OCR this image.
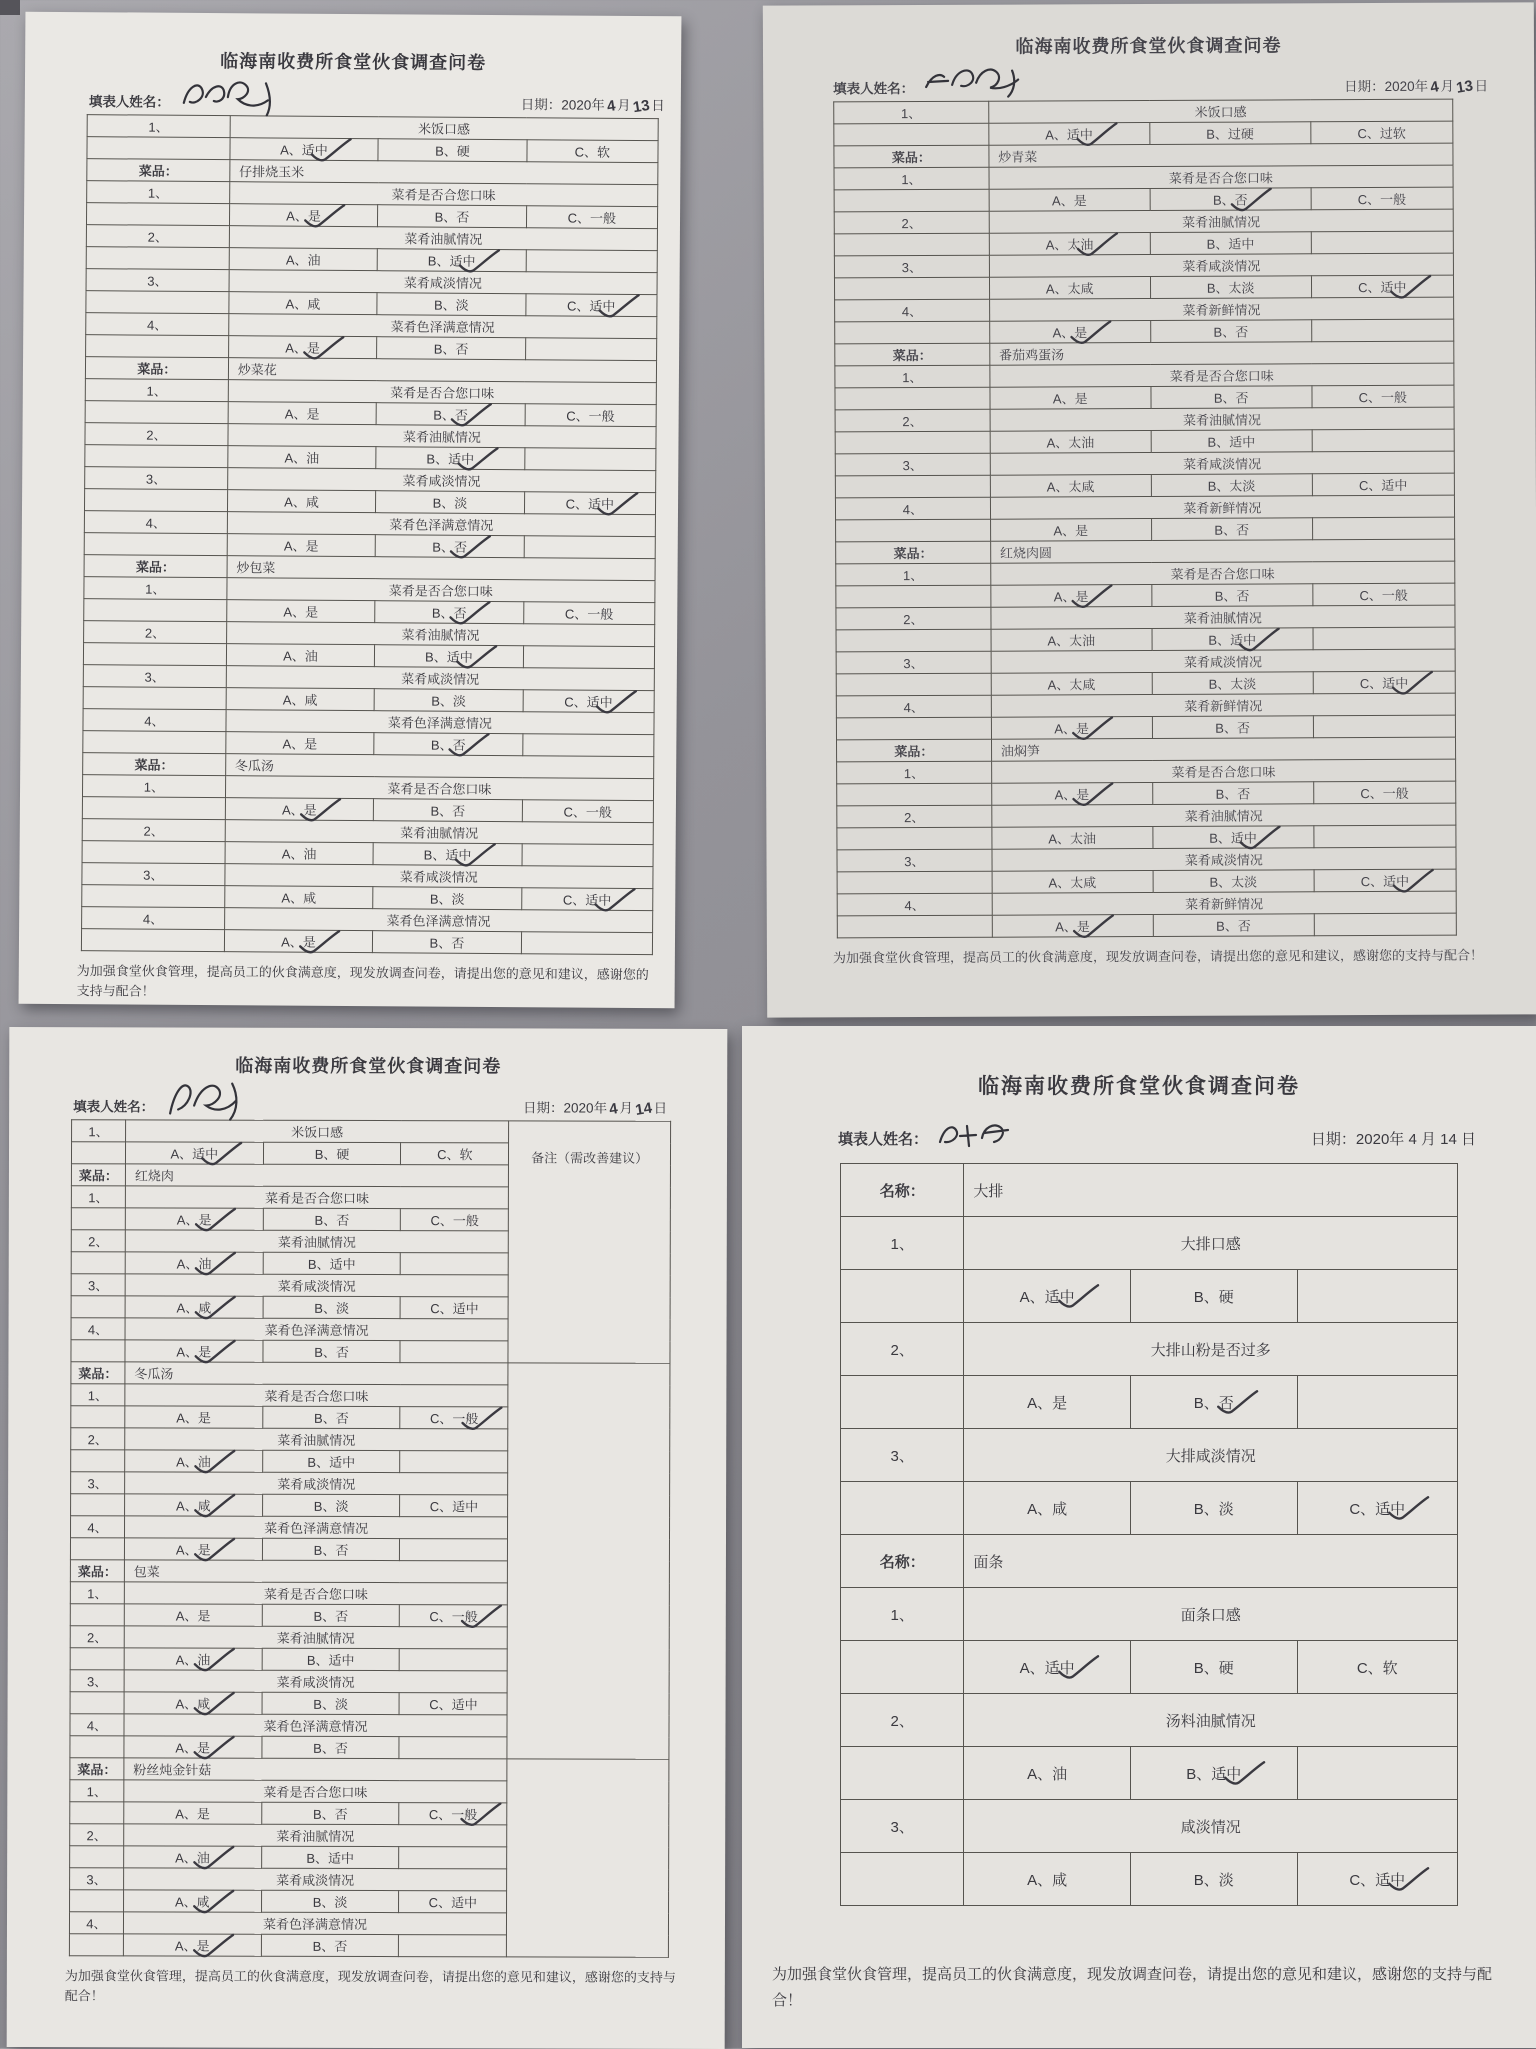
临海南收费所食堂伙食调查问卷
填表人姓名：	日期：2020年4月13日
1、	米饭口感		
	A、适中	B、硬	C、软
菜品：	仔排烧玉米		
1、	菜肴是否合您口味		
	A、是	B、否	C、一般
2、	菜肴油腻情况		
	A、油	B、适中

3、	菜肴咸淡情况		
	A、咸	B、淡	C、适中

4、	菜肴色泽满意情况		
	A、是	B、否	
菜品：	炒菜花		
1、	菜肴是否合您口味		
	A、是	B、否	C、一般
2、	菜肴油腻情况		
	A、油	B、适中

3、	菜肴咸淡情况		
	A、咸	B、淡	C、适中

4、	菜肴色泽满意情况		
	A、是	B、否

菜品：	炒包菜		
1、	菜肴是否合您口味		
	A、是	B、否	C、一般
2、	菜肴油腻情况		
	A、油	B、适中

3、	菜肴咸淡情况		
	A、咸	B、淡	C、适中

4、	菜肴色泽满意情况		
	A、是	B、否

菜品：	冬瓜汤		
1、	菜肴是否合您口味		
	A、是	B、否	C、一般
2、	菜肴油腻情况		
	A、油	B、适中

3、	菜肴咸淡情况		
	A、咸	B、淡	C、适中

4、	菜肴色泽满意情况		
	A、是	B、否	
为加强食堂伙食管理，提高员工的伙食满意度，现发放调查问卷，请提出您的意见和建议，感谢您的支持与配合！
临海南收费所食堂伙食调查问卷
填表人姓名：	日期：2020年4月13日
1、	米饭口感		
	A、适中	B、过硬	C、过软
菜品：	炒青菜		
1、	菜肴是否合您口味		
	A、是	B、否	C、一般
2、	菜肴油腻情况		
	A、太油	B、适中	
3、	菜肴咸淡情况		
	A、太咸	B、太淡	C、适中

4、	菜肴新鲜情况		
	A、是	B、否	
菜品：	番茄鸡蛋汤		
1、	菜肴是否合您口味		
	A、是	B、否	C、一般
2、	菜肴油腻情况		
	A、太油	B、适中	
3、	菜肴咸淡情况		
	A、太咸	B、太淡	C、适中
4、	菜肴新鲜情况		
	A、是	B、否	
菜品：	红烧肉圆		
1、	菜肴是否合您口味		
	A、是	B、否	C、一般
2、	菜肴油腻情况		
	A、太油	B、适中

3、	菜肴咸淡情况		
	A、太咸	B、太淡	C、适中

4、	菜肴新鲜情况		
	A、是	B、否	
菜品：	油焖笋		
1、	菜肴是否合您口味		
	A、是	B、否	C、一般
2、	菜肴油腻情况		
	A、太油	B、适中

3、	菜肴咸淡情况		
	A、太咸	B、太淡	C、适中

4、	菜肴新鲜情况		
	A、是	B、否	
为加强食堂伙食管理，提高员工的伙食满意度，现发放调查问卷，请提出您的意见和建议，感谢您的支持与配合！
临海南收费所食堂伙食调查问卷
填表人姓名：	日期：2020年4月14日
1、	米饭口感			备注（需改善建议）

	A、适中	B、硬	C、软	
菜品：	红烧肉			
1、	菜肴是否合您口味			
	A、是	B、否	C、一般	
2、	菜肴油腻情况			
	A、油	B、适中		
3、	菜肴咸淡情况			
	A、咸	B、淡	C、适中	
4、	菜肴色泽满意情况			
	A、是	B、否		
菜品：	冬瓜汤			
1、	菜肴是否合您口味			
	A、是	B、否	C、一般	

2、	菜肴油腻情况			
	A、油	B、适中		
3、	菜肴咸淡情况			
	A、咸	B、淡	C、适中	
4、	菜肴色泽满意情况			
	A、是	B、否		
菜品：	包菜			
1、	菜肴是否合您口味			
	A、是	B、否	C、一般	

2、	菜肴油腻情况			
	A、油	B、适中		
3、	菜肴咸淡情况			
	A、咸	B、淡	C、适中	
4、	菜肴色泽满意情况			
	A、是	B、否		
菜品：	粉丝炖金针菇			
1、	菜肴是否合您口味			
	A、是	B、否	C、一般	

2、	菜肴油腻情况			
	A、油	B、适中		
3、	菜肴咸淡情况			
	A、咸	B、淡	C、适中	
4、	菜肴色泽满意情况			
	A、是	B、否		
为加强食堂伙食管理，提高员工的伙食满意度，现发放调查问卷，请提出您的意见和建议，感谢您的支持与配合！
临海南收费所食堂伙食调查问卷
填表人姓名：	日期：2020年 4 月 14 日
名称：	大排		
1、	大排口感		
	A、适中	B、硬	
2、	大排山粉是否过多		
	A、是	B、否

3、	大排咸淡情况		
	A、咸	B、淡	C、适中

名称：	面条		
1、	面条口感		
	A、适中	B、硬	C、软
2、	汤料油腻情况		
	A、油	B、适中

3、	咸淡情况		
	A、咸	B、淡	C、适中
为加强食堂伙食管理，提高员工的伙食满意度，现发放调查问卷，请提出您的意见和建议，感谢您的支持与配合！
